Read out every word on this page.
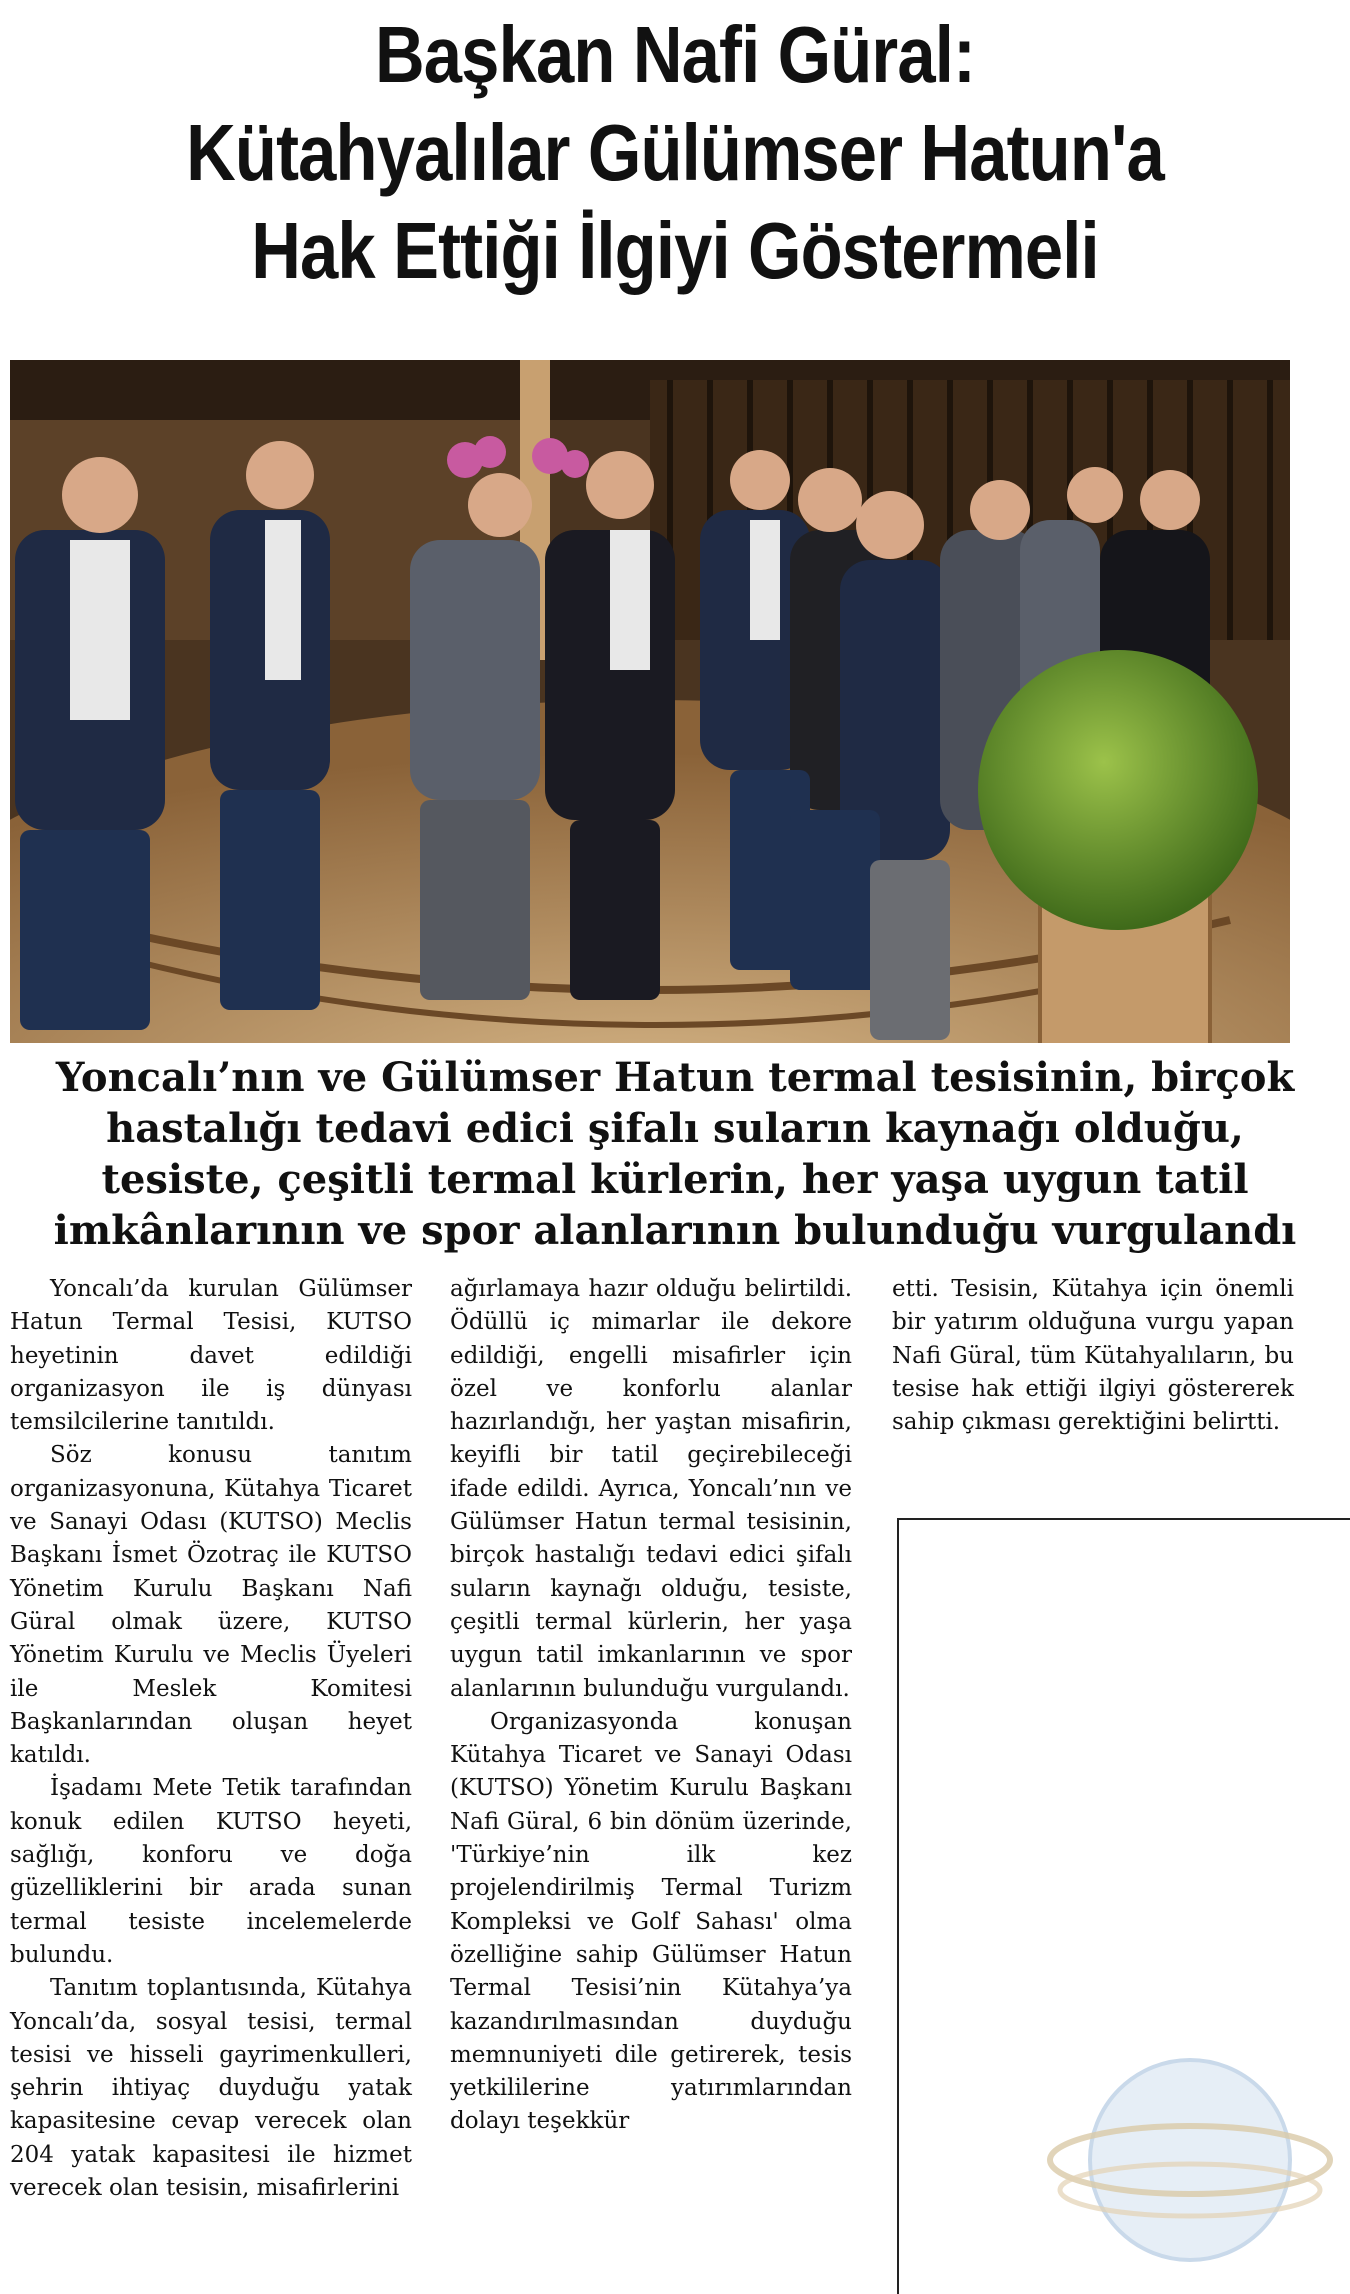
Başkan Nafi Güral:
Kütahyalılar Gülümser Hatun'a
Hak Ettiği İlgiyi Göstermeli
Yoncalı’nın ve Gülümser Hatun termal tesisinin, birçok
hastalığı tedavi edici şifalı suların kaynağı olduğu,
tesiste, çeşitli termal kürlerin, her yaşa uygun tatil
imkânlarının ve spor alanlarının bulunduğu vurgulandı

Yoncalı’da kurulan Gülümser Hatun Termal Tesisi, KUTSO heyetinin davet edildiği organizasyon ile iş dünyası temsilcilerine tanıtıldı.

Söz konusu tanıtım organizasyonuna, Kütahya Ticaret ve Sanayi Odası (KUTSO) Meclis Başkanı İsmet Özotraç ile KUTSO Yönetim Kurulu Başkanı Nafi Güral olmak üzere, KUTSO Yönetim Kurulu ve Meclis Üyeleri ile Meslek Komitesi Başkanlarından oluşan heyet katıldı.

İşadamı Mete Tetik tarafından konuk edilen KUTSO heyeti, sağlığı, konforu ve doğa güzelliklerini bir arada sunan termal tesiste incelemelerde bulundu.

Tanıtım toplantısında, Kütahya Yoncalı’da, sosyal tesisi, termal tesisi ve hisseli gayrimenkulleri, şehrin ihtiyaç duyduğu yatak kapasitesine cevap verecek olan 204 yatak kapasitesi ile hizmet verecek olan tesisin, misafirlerini

ağırlamaya hazır olduğu belirtildi. Ödüllü iç mimarlar ile dekore edildiği, engelli misafirler için özel ve konforlu alanlar hazırlandığı, her yaştan misafirin, keyifli bir tatil geçirebileceği ifade edildi. Ayrıca, Yoncalı’nın ve Gülümser Hatun termal tesisinin, birçok hastalığı tedavi edici şifalı suların kaynağı olduğu, tesiste, çeşitli termal kürlerin, her yaşa uygun tatil imkanlarının ve spor alanlarının bulunduğu vurgulandı.

Organizasyonda konuşan Kütahya Ticaret ve Sanayi Odası (KUTSO) Yönetim Kurulu Başkanı Nafi Güral, 6 bin dönüm üzerinde, 'Türkiye’nin ilk kez projelendirilmiş Termal Turizm Kompleksi ve Golf Sahası' olma özelliğine sahip Gülümser Hatun Termal Tesisi’nin Kütahya’ya kazandırılmasından duyduğu memnuniyeti dile getirerek, tesis yetkililerine yatırımlarından dolayı teşekkür

etti. Tesisin, Kütahya için önemli bir yatırım olduğuna vurgu yapan Nafi Güral, tüm Kütahyalıların, bu tesise hak ettiği ilgiyi göstererek sahip çıkması gerektiğini belirtti.
